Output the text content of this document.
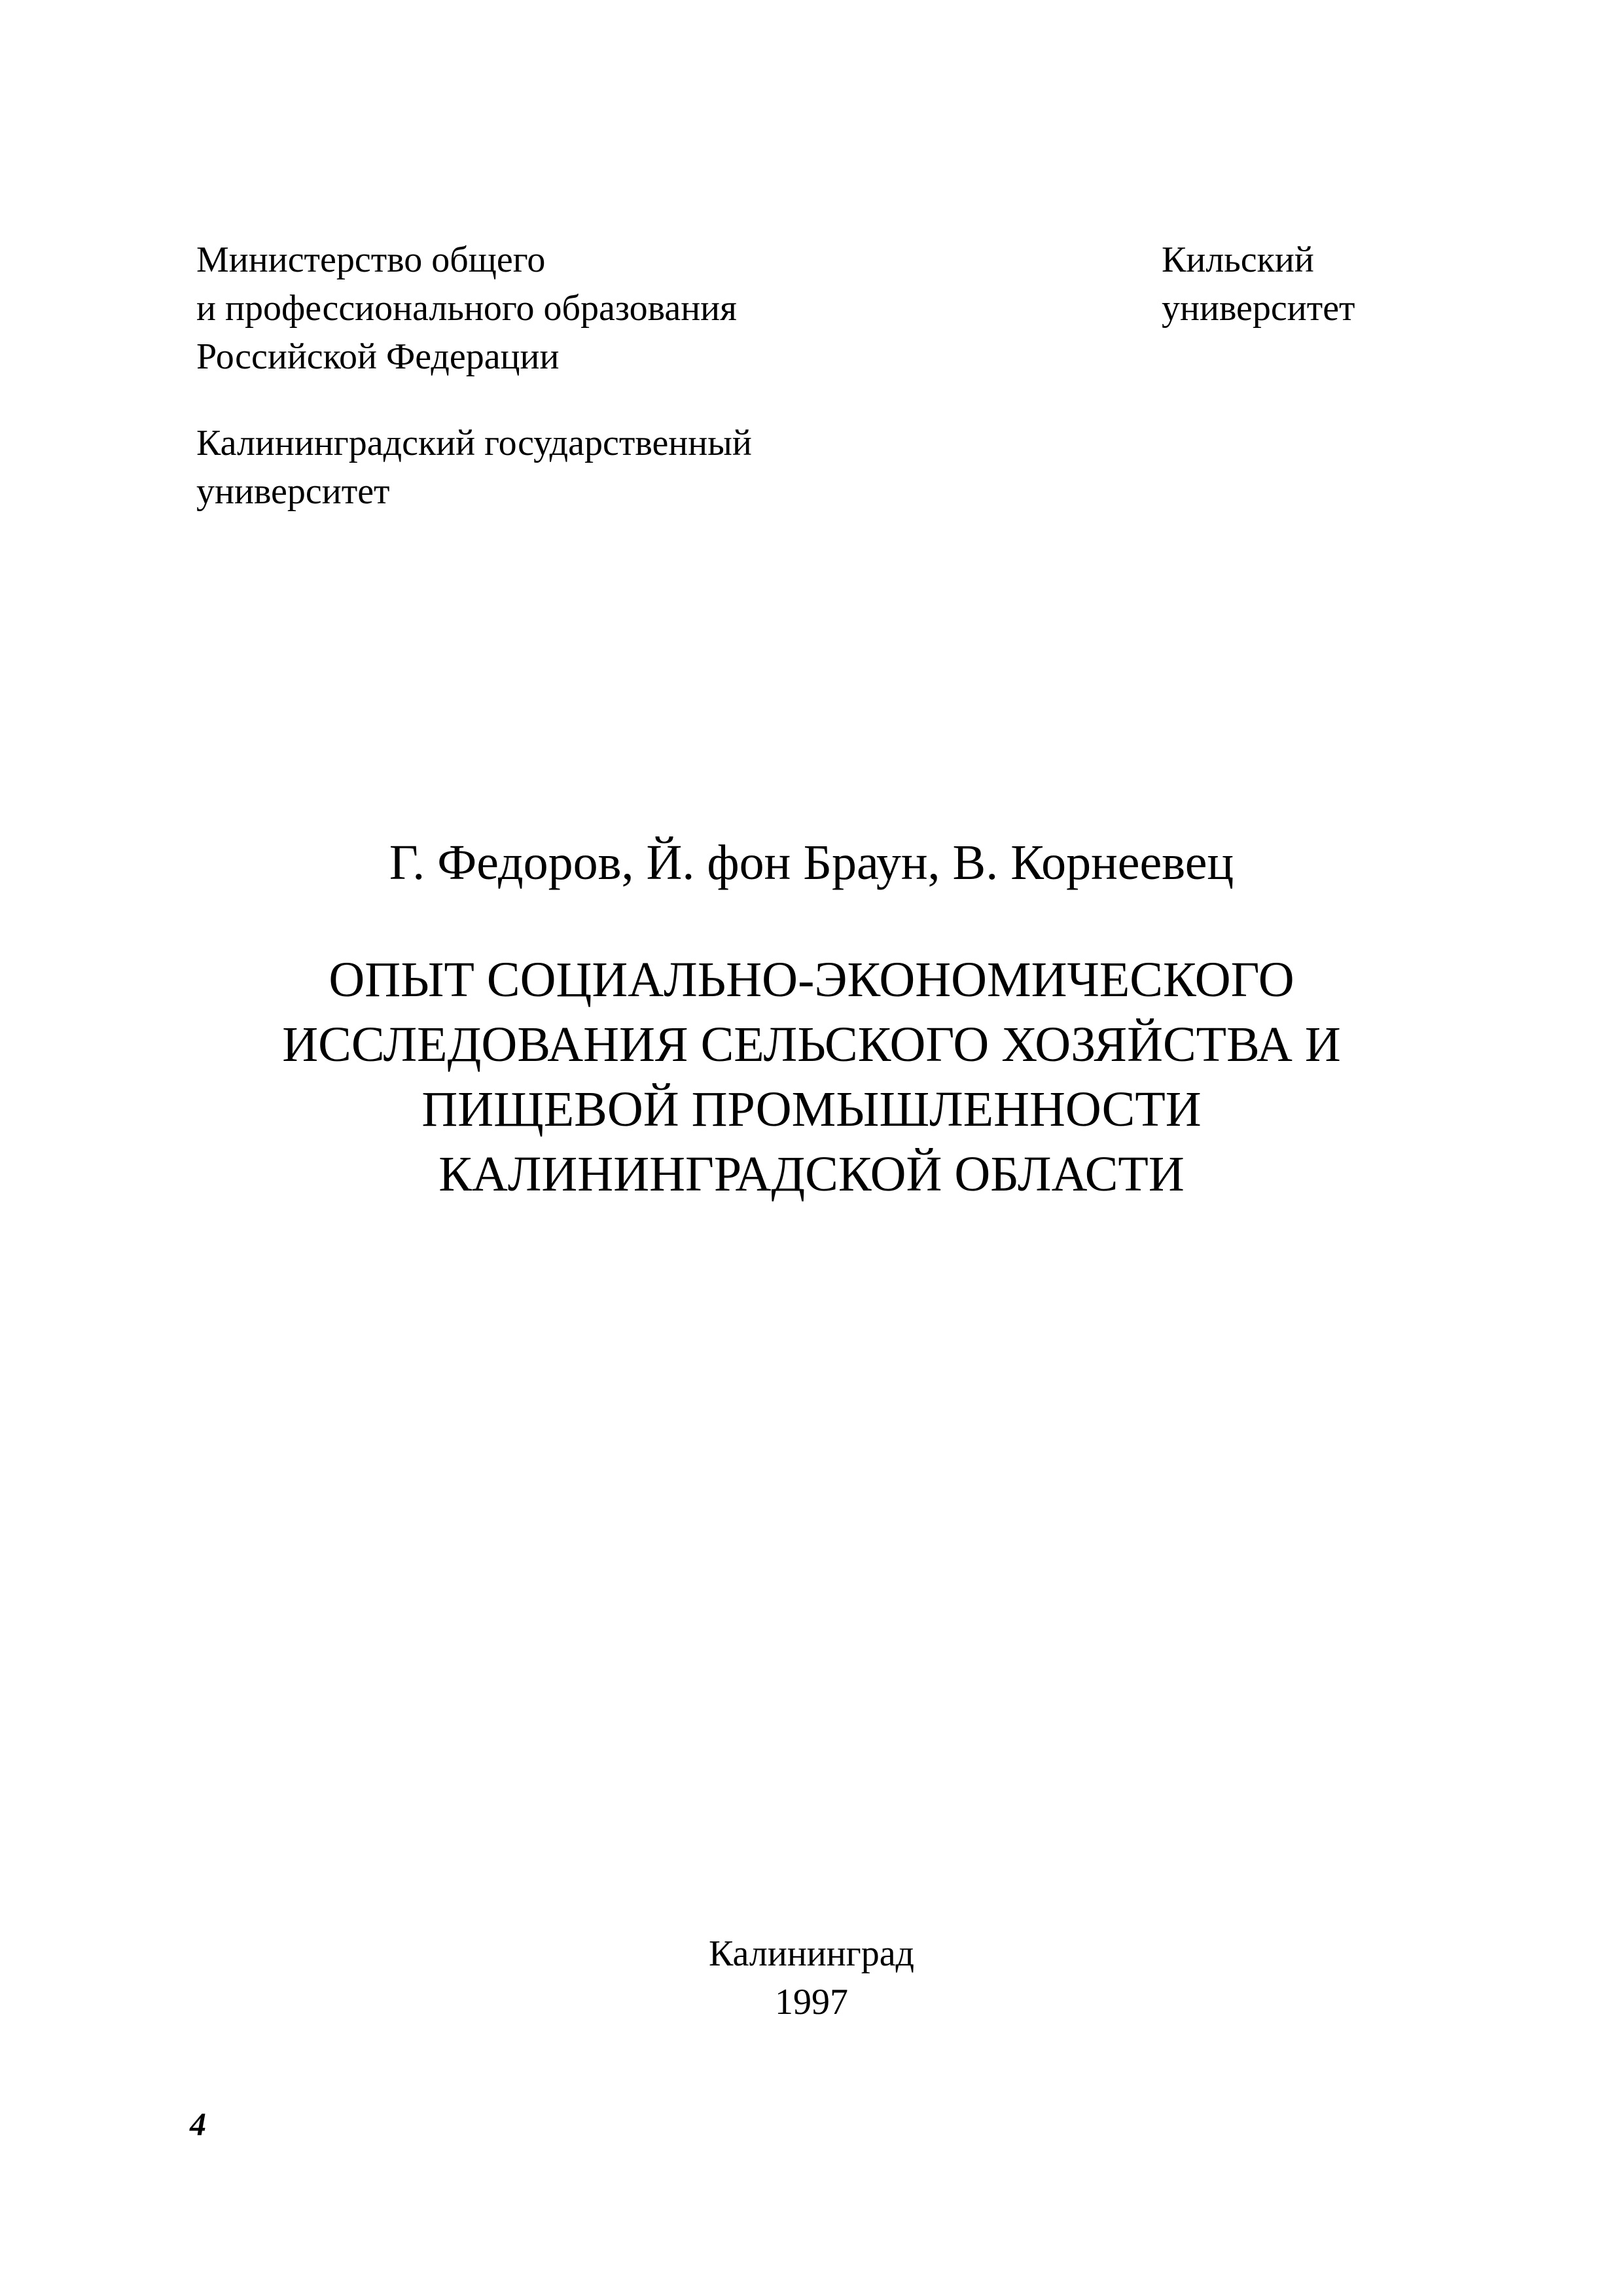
Министерство общего
и профессионального образования
Российской Федерации
Кильский
университет
Калининградский государственный
университет
Г. Федоров, Й. фон Браун, В. Корнеевец
ОПЫТ СОЦИАЛЬНО-ЭКОНОМИЧЕСКОГО
ИССЛЕДОВАНИЯ СЕЛЬСКОГО ХОЗЯЙСТВА И
ПИЩЕВОЙ ПРОМЫШЛЕННОСТИ
КАЛИНИНГРАДСКОЙ ОБЛАСТИ
Калининград
1997
4
